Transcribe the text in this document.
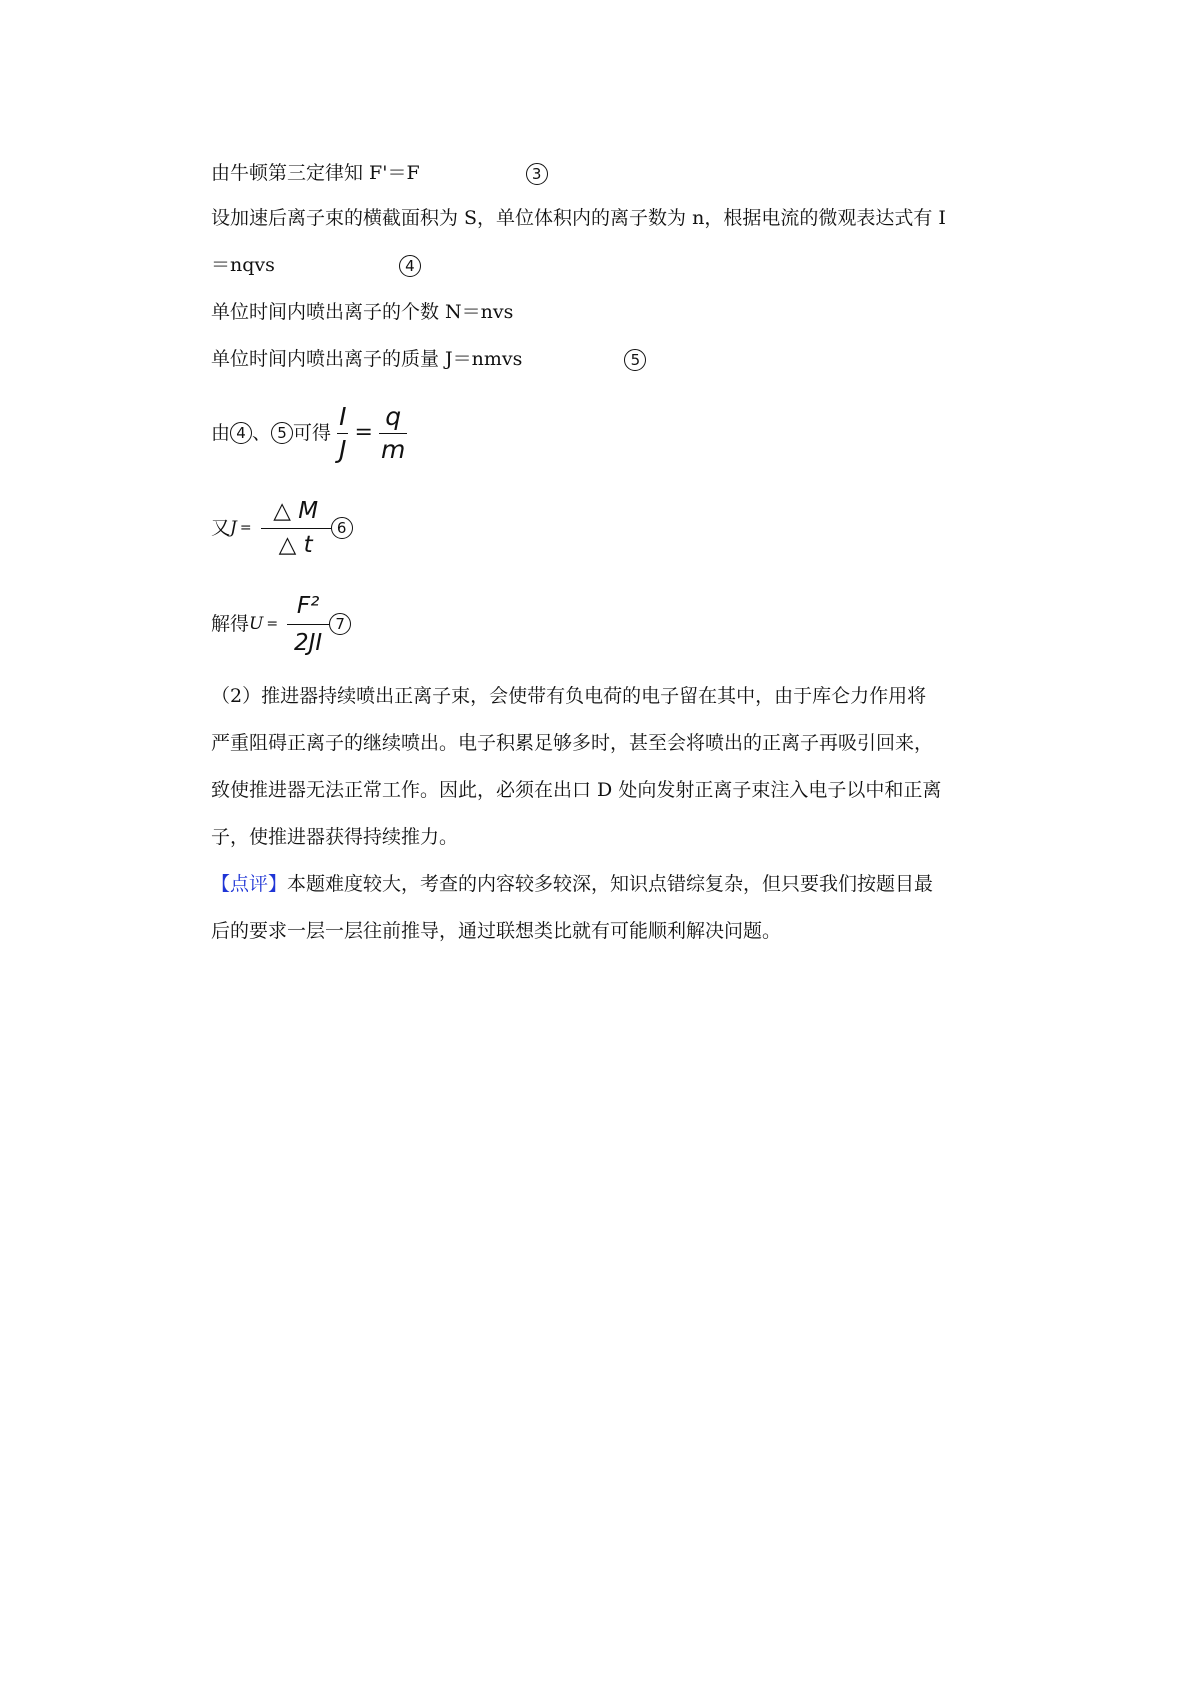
由牛顿第三定律知 F'＝F	3
设加速后离子束的横截面积为 S，单位体积内的离子数为 n，根据电流的微观表达式有 I
＝nqvs	4
单位时间内喷出离子的个数 N＝nvs
单位时间内喷出离子的质量 J＝nmvs	5
由 4 、 5 可得 $\frac{I}{J} = \frac{q}{m}$
又$J = \frac{\triangle M}{\triangle t} 6$
解得$U = \frac{\text{F²}}{2JI} 7$
（2）推进器持续喷出正离子束，会使带有负电荷的电子留在其中，由于库仑力作用将
严重阻碍正离子的继续喷出。电子积累足够多时，甚至会将喷出的正离子再吸引回来，
致使推进器无法正常工作。因此，必须在出口 D 处向发射正离子束注入电子以中和正离
子，使推进器获得持续推力。
【点评】本题难度较大，考查的内容较多较深，知识点错综复杂，但只要我们按题目最
后的要求一层一层往前推导，通过联想类比就有可能顺利解决问题。
